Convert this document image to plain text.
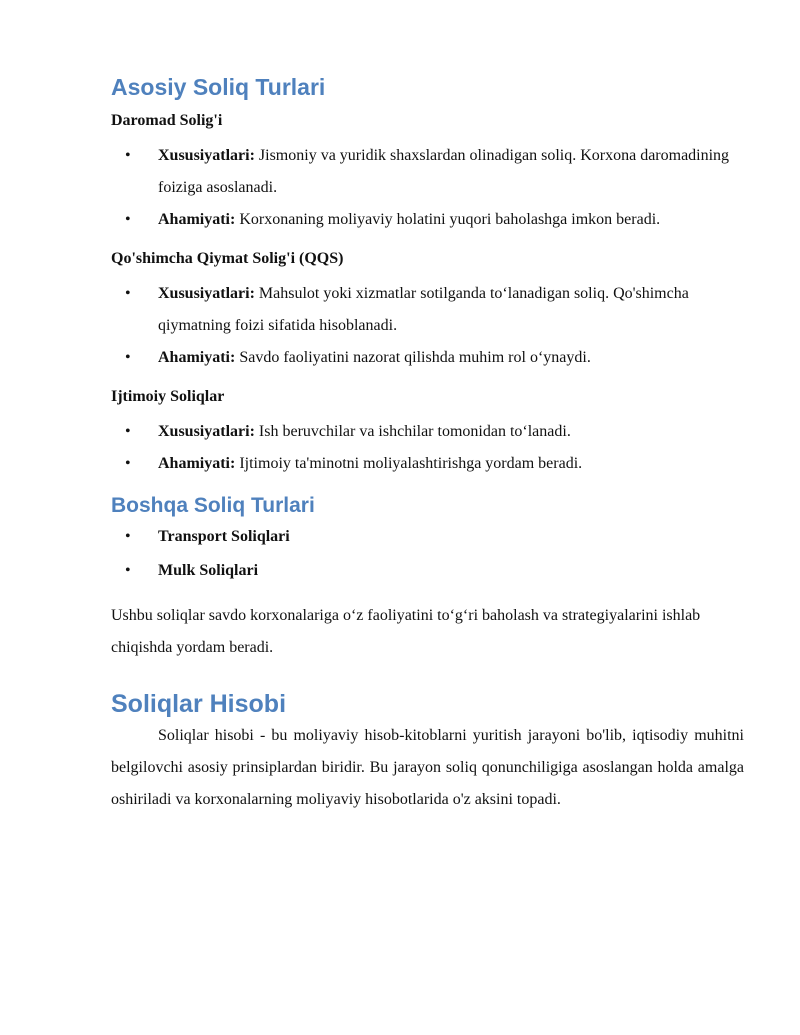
Asosiy Soliq Turlari
Daromad Solig'i
• Xususiyatlari: Jismoniy va yuridik shaxslardan olinadigan soliq. Korxona daromadining foiziga asoslanadi.
• Ahamiyati: Korxonaning moliyaviy holatini yuqori baholashga imkon beradi.
Qo'shimcha Qiymat Solig'i (QQS)
• Xususiyatlari: Mahsulot yoki xizmatlar sotilganda to‘lanadigan soliq. Qo'shimcha qiymatning foizi sifatida hisoblanadi.
• Ahamiyati: Savdo faoliyatini nazorat qilishda muhim rol o‘ynaydi.
Ijtimoiy Soliqlar
• Xususiyatlari: Ish beruvchilar va ishchilar tomonidan to‘lanadi.
• Ahamiyati: Ijtimoiy ta'minotni moliyalashtirishga yordam beradi.
Boshqa Soliq Turlari
• Transport Soliqlari
• Mulk Soliqlari

Ushbu soliqlar savdo korxonalariga o‘z faoliyatini to‘g‘ri baholash va strategiyalarini ishlab chiqishda yordam beradi.

Soliqlar Hisobi

Soliqlar hisobi - bu moliyaviy hisob-kitoblarni yuritish jarayoni bo'lib, iqtisodiy muhitni belgilovchi asosiy prinsiplardan biridir. Bu jarayon soliq qonunchiligiga asoslangan holda amalga oshiriladi va korxonalarning moliyaviy hisobotlarida o'z aksini topadi.
